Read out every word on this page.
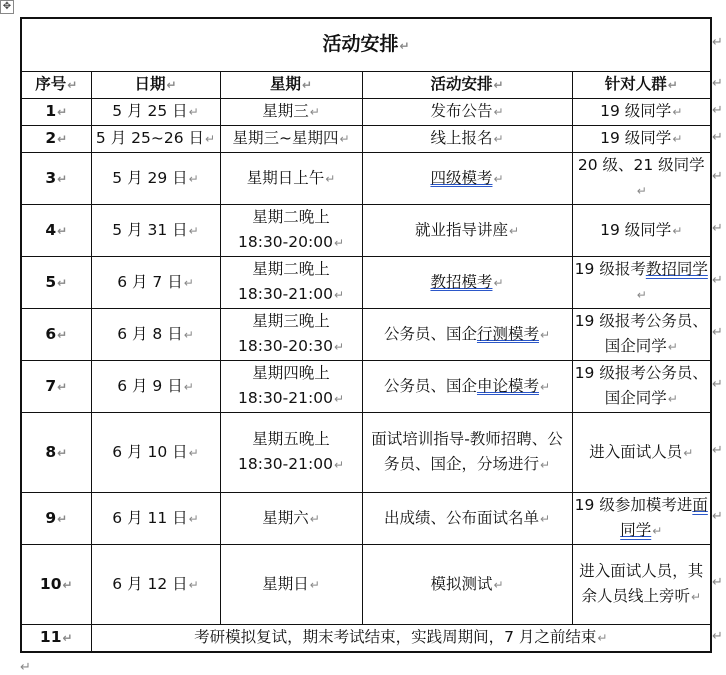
✥
活动安排↵				
序号↵	日期↵	星期↵	活动安排↵	针对人群↵
1↵	5 月 25 日↵	星期三↵	发布公告↵	19 级同学↵
2↵	5 月 25~26 日↵	星期三~星期四↵	线上报名↵	19 级同学↵
3↵	5 月 29 日↵	星期日上午↵	四级模考↵	20 级、21 级同学↵
4↵	5 月 31 日↵	星期二晚上
18:30-20:00↵	就业指导讲座↵	19 级同学↵
5↵	6 月 7 日↵	星期二晚上
18:30-21:00↵	教招模考↵	19 级报考教招同学↵
6↵	6 月 8 日↵	星期三晚上
18:30-20:30↵	公务员、国企行测模考↵	19 级报考公务员、国企同学↵
7↵	6 月 9 日↵	星期四晚上
18:30-21:00↵	公务员、国企申论模考↵	19 级报考公务员、国企同学↵
8↵	6 月 10 日↵	星期五晚上
18:30-21:00↵	面试培训指导-教师招聘、公务员、国企，分场进行↵	进入面试人员↵
9↵	6 月 11 日↵	星期六↵	出成绩、公布面试名单↵	19 级参加模考进面同学↵
10↵	6 月 12 日↵	星期日↵	模拟测试↵	进入面试人员，其余人员线上旁听↵
11↵	考研模拟复试，期末考试结束，实践周期间，7 月之前结束↵			
↵
↵
↵
↵
↵
↵
↵
↵
↵
↵
↵
↵
↵
↵
